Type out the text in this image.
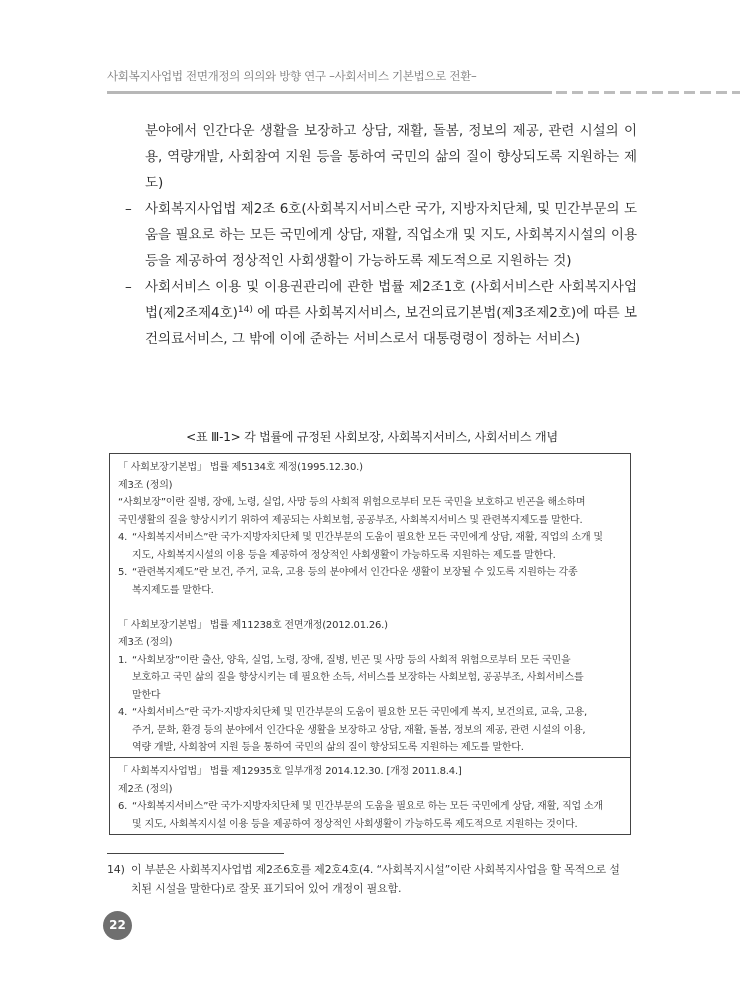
사회복지사업법 전면개정의 의의와 방향 연구 –사회서비스 기본법으로 전환–
분야에서 인간다운 생활을 보장하고 상담, 재활, 돌봄, 정보의 제공, 관련 시설의 이용, 역량개발, 사회참여 지원 등을 통하여 국민의 삶의 질이 향상되도록 지원하는 제도)
– 사회복지사업법 제2조 6호(사회복지서비스란 국가, 지방자치단체, 및 민간부문의 도움을 필요로 하는 모든 국민에게 상담, 재활, 직업소개 및 지도, 사회복지시설의 이용 등을 제공하여 정상적인 사회생활이 가능하도록 제도적으로 지원하는 것)
– 사회서비스 이용 및 이용권관리에 관한 법률 제2조1호 (사회서비스란 사회복지사업법(제2조제4호)$^{14)}$ 에 따른 사회복지서비스, 보건의료기본법(제3조제2호)에 따른 보건의료서비스, 그 밖에 이에 준하는 서비스로서 대통령령이 정하는 서비스)
<표 Ⅲ-1> 각 법률에 규정된 사회보장, 사회복지서비스, 사회서비스 개념
「 사회보장기본법」 법률 제5134호 제정(1995.12.30.)
제3조 (정의)
“사회보장”이란 질병, 장애, 노령, 실업, 사망 등의 사회적 위험으로부터 모든 국민을 보호하고 빈곤을 해소하며
국민생활의 질을 향상시키기 위하여 제공되는 사회보험, 공공부조, 사회복지서비스 및 관련복지제도를 말한다.
4. “사회복지서비스”란 국가·지방자치단체 및 민간부문의 도움이 필요한 모든 국민에게 상담, 재활, 직업의 소개 및
지도, 사회복지시설의 이용 등을 제공하여 정상적인 사회생활이 가능하도록 지원하는 제도를 말한다.
5. “관련복지제도”란 보건, 주거, 교육, 고용 등의 분야에서 인간다운 생활이 보장될 수 있도록 지원하는 각종
복지제도를 말한다.
「 사회보장기본법」 법률 제11238호 전면개정(2012.01.26.)
제3조 (정의)
1. “사회보장”이란 출산, 양육, 실업, 노령, 장애, 질병, 빈곤 및 사망 등의 사회적 위험으로부터 모든 국민을
보호하고 국민 삶의 질을 향상시키는 데 필요한 소득, 서비스를 보장하는 사회보험, 공공부조, 사회서비스를
말한다
4. “사회서비스”란 국가·지방자치단체 및 민간부문의 도움이 필요한 모든 국민에게 복지, 보건의료, 교육, 고용,
주거, 문화, 환경 등의 분야에서 인간다운 생활을 보장하고 상담, 재활, 돌봄, 정보의 제공, 관련 시설의 이용,
역량 개발, 사회참여 지원 등을 통하여 국민의 삶의 질이 향상되도록 지원하는 제도를 말한다.
「 사회복지사업법」 법률 제12935호 일부개정 2014.12.30. [개정 2011.8.4.]
제2조 (정의)
6. “사회복지서비스”란 국가·지방자치단체 및 민간부문의 도움을 필요로 하는 모든 국민에게 상담, 재활, 직업 소개
및 지도, 사회복지시설 이용 등을 제공하여 정상적인 사회생활이 가능하도록 제도적으로 지원하는 것이다.
14) 이 부분은 사회복지사업법 제2조6호를 제2호4호(4. “사회복지시설”이란 사회복지사업을 할 목적으로 설
치된 시설을 말한다)로 잘못 표기되어 있어 개정이 필요함.
22
